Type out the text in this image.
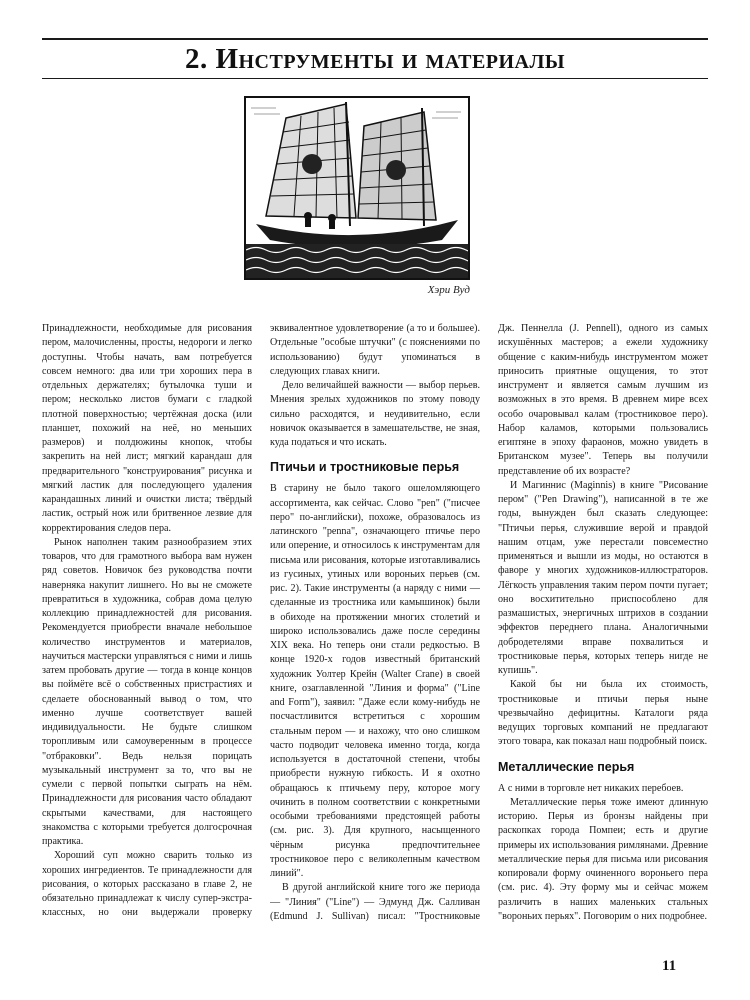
2. Инструменты и материалы
Хэри Вуд

Принадлежности, необходимые для рисования пером, малочисленны, просты, недороги и легко доступны. Чтобы начать, вам потребуется совсем немного: два или три хороших пера в отдельных держателях; бутылочка туши и пером; несколько листов бумаги с гладкой плотной поверхностью; чертёжная доска (или планшет, похожий на неё, но меньших размеров) и полдюжины кнопок, чтобы закрепить на ней лист; мягкий карандаш для предварительного "конструирования" рисунка и мягкий ластик для последующего удаления карандашных линий и очистки листа; твёрдый ластик, острый нож или бритвенное лезвие для корректирования следов пера.

Рынок наполнен таким разнообразием этих товаров, что для грамотного выбора вам нужен ряд советов. Новичок без руководства почти наверняка накупит лишнего. Но вы не сможете превратиться в художника, собрав дома целую коллекцию принадлежностей для рисования. Рекомендуется приобрести вначале небольшое количество инструментов и материалов, научиться мастерски управляться с ними и лишь затем пробовать другие — тогда в конце концов вы поймёте всё о собственных пристрастиях и сделаете обоснованный вывод о том, что именно лучше соответствует вашей индивидуальности. Не будьте слишком торопливым или самоуверенным в процессе "отбраковки". Ведь нельзя порицать музыкальный инструмент за то, что вы не сумели с первой попытки сыграть на нём. Принадлежности для рисования часто обладают скрытыми качествами, для настоящего знакомства с которыми требуется долгосрочная практика.

Хороший суп можно сварить только из хороших ингредиентов. Те принадлежности для рисования, о которых рассказано в главе 2, не обязательно принадлежат к числу супер-экстра-классных, но они выдержали проверку

эквивалентное удовлетворение (а то и большее). Отдельные "особые штучки" (с пояснениями по использованию) будут упоминаться в следующих главах книги.

Дело величайшей важности — выбор перьев. Мнения зрелых художников по этому поводу сильно расходятся, и неудивительно, если новичок оказывается в замешательстве, не зная, куда податься и что искать.

Птичьи и тростниковые перья

В старину не было такого ошеломляющего ассортимента, как сейчас. Слово "pen" ("писчее перо" по-английски), похоже, образовалось из латинского "penna", означающего птичье перо или оперение, и относилось к инструментам для письма или рисования, которые изготавливались из гусиных, утиных или вороньих перьев (см. рис. 2). Такие инструменты (а наряду с ними — сделанные из тростника или камышинок) были в обиходе на протяжении многих столетий и широко использовались даже после середины XIX века. Но теперь они стали редкостью. В конце 1920-х годов известный британский художник Уолтер Крейн (Walter Crane) в своей книге, озаглавленной "Линия и форма" ("Line and Form"), заявил: "Даже если кому-нибудь не посчастливится встретиться с хорошим стальным пером — и нахожу, что оно слишком часто подводит человека именно тогда, когда используется в достаточной степени, чтобы приобрести нужную гибкость. И я охотно обращаюсь к птичьему перу, которое могу очинить в полном соответствии с конкретными особыми требованиями предстоящей работы (см. рис. 3). Для крупного, насыщенного чёрным рисунка предпочтительнее тростниковое перо с великолепным качеством линий".

В другой английской книге того же периода — "Линия" ("Line") — Эдмунд Дж. Салливан (Edmund J. Sullivan) писал: "Тростниковые

Дж. Пеннелла (J. Pennell), одного из самых искушённых мастеров; а ежели художнику общение с каким-нибудь инструментом может приносить приятные ощущения, то этот инструмент и является самым лучшим из возможных в это время. В древнем мире всех особо очаровывал калам (тростниковое перо). Набор каламов, которыми пользовались египтяне в эпоху фараонов, можно увидеть в Британском музее". Теперь вы получили представление об их возрасте?

И Магиннис (Maginnis) в книге "Рисование пером" ("Pen Drawing"), написанной в те же годы, вынужден был сказать следующее: "Птичьи перья, служившие верой и правдой нашим отцам, уже перестали повсеместно применяться и вышли из моды, но остаются в фаворе у многих художников-иллюстраторов. Лёгкость управления таким пером почти пугает; оно восхитительно приспособлено для размашистых, энергичных штрихов в создании эффектов переднего плана. Аналогичными добродетелями вправе похвалиться и тростниковые перья, которых теперь нигде не купишь".

Какой бы ни была их стоимость, тростниковые и птичьи перья ныне чрезвычайно дефицитны. Каталоги ряда ведущих торговых компаний не предлагают этого товара, как показал наш подробный поиск.

Металлические перья

А с ними в торговле нет никаких перебоев.

Металлические перья тоже имеют длинную историю. Перья из бронзы найдены при раскопках города Помпеи; есть и другие примеры их использования римлянами. Древние металлические перья для письма или рисования копировали форму очиненного вороньего пера (см. рис. 4). Эту форму мы и сейчас можем различить в наших маленьких стальных "вороньих перьях". Поговорим о них подробнее.

11
